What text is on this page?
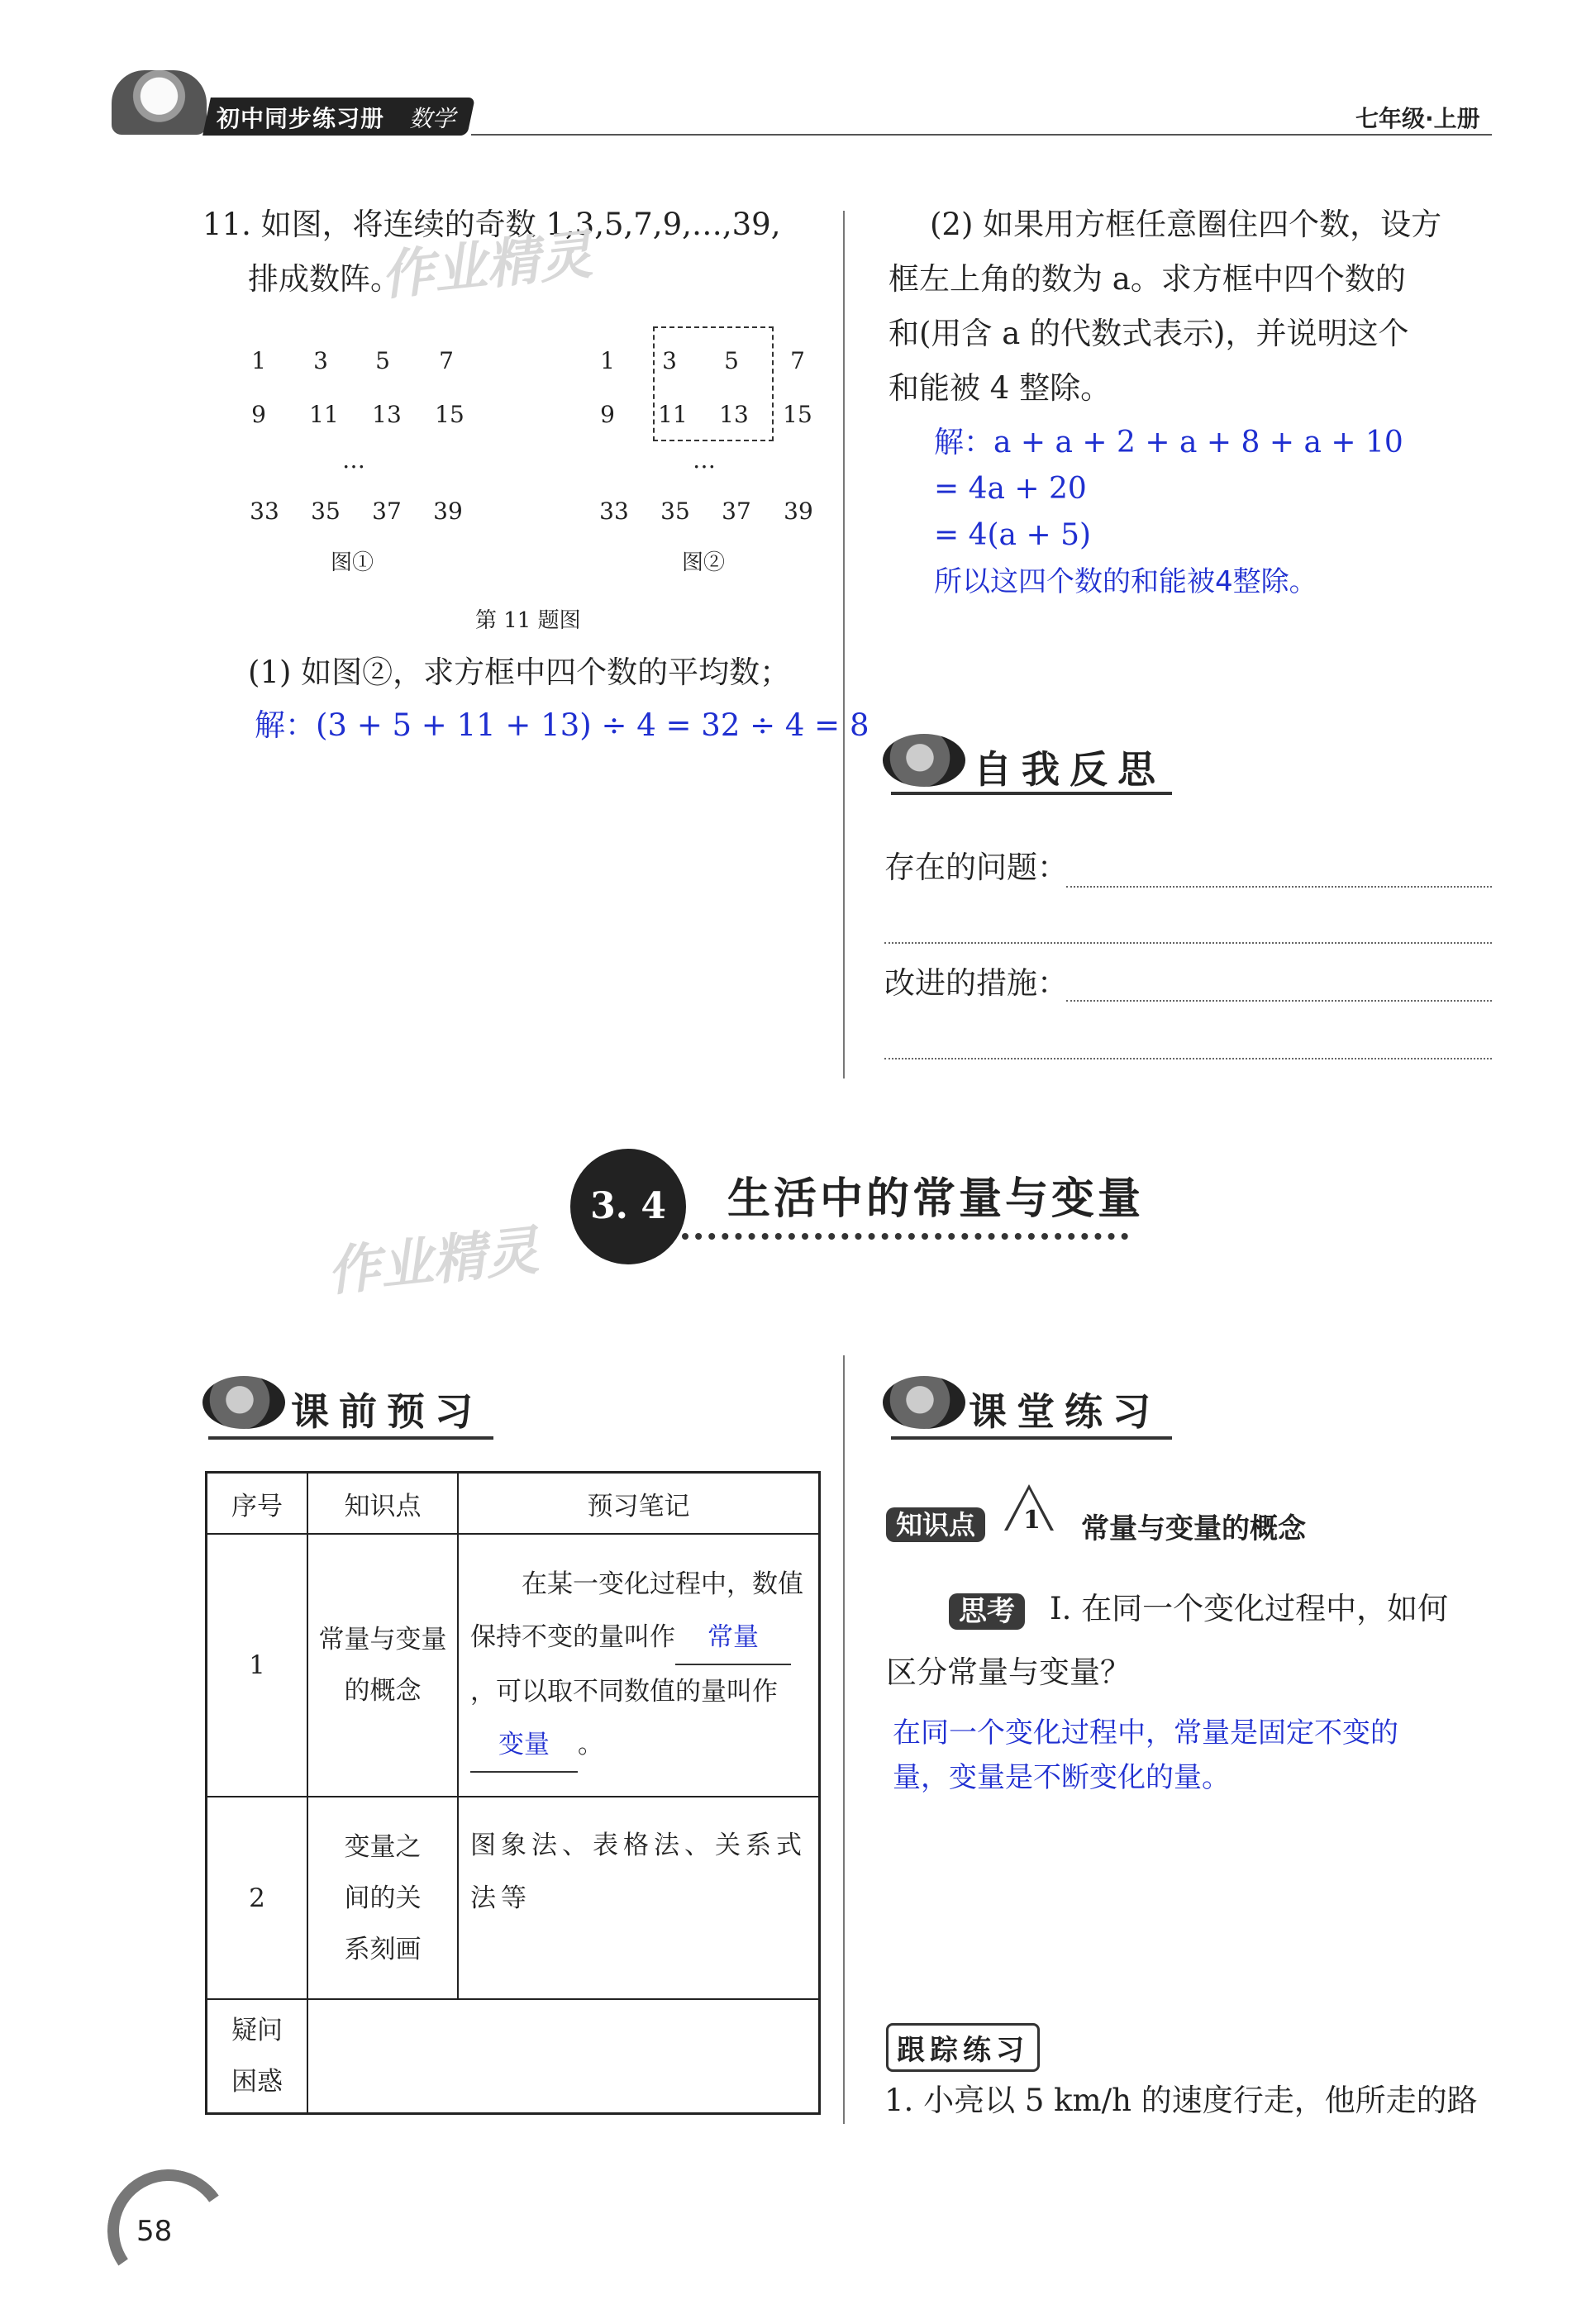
初中同步练习册 数学	七年级·上册
11. 如图，将连续的奇数 1,3,5,7,9,…,39,
排成数阵。
作业精灵
1	3	5	7
9	11	13	15
…
33	35	37	39
图①
1	3	5	7
9	11	13	15
…
33	35	37	39
图②
第 11 题图
(1) 如图②，求方框中四个数的平均数；
解：(3 + 5 + 11 + 13) ÷ 4 = 32 ÷ 4 = 8
(2) 如果用方框任意圈住四个数，设方
框左上角的数为 a。求方框中四个数的
和(用含 a 的代数式表示)，并说明这个
和能被 4 整除。
解：a + a + 2 + a + 8 + a + 10
= 4a + 20
= 4(a + 5)
所以这四个数的和能被4整除。
自我反思
存在的问题：
改进的措施：
3. 4	生活中的常量与变量
作业精灵
课前预习
序号	知识点	预习笔记
1	常量与变量的概念	在某一变化过程中，数值保持不变的量叫作 常量，可以取不同数值的量叫作变量 。
2	变量之间的关系刻画	图象法、表格法、关系式法等
疑问困惑		
课堂练习
知识点	1 常量与变量的概念
思考	Ⅰ. 在同一个变化过程中，如何
区分常量与变量？
在同一个变化过程中，常量是固定不变的
量，变量是不断变化的量。
跟踪练习
1. 小亮以 5 km/h 的速度行走，他所走的路
58
